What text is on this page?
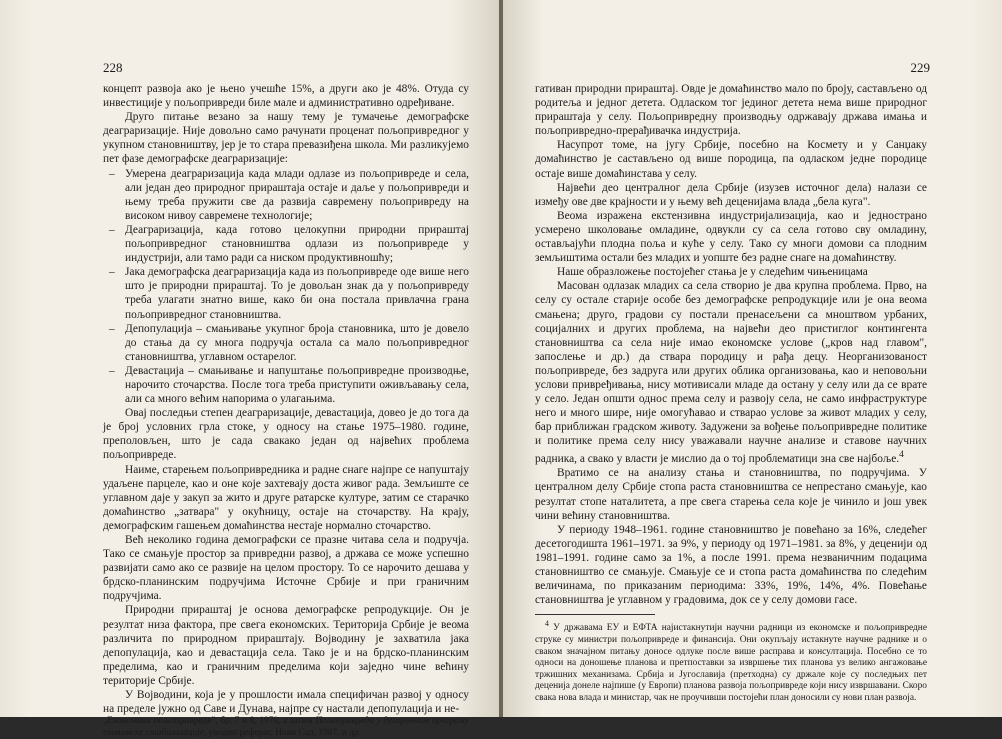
228

концепт развоја ако је њено учешће 15%, а други ако је 48%. Отуда су инвестиције у пољопривреди биле мале и административно одређиване.

Друго питање везано за нашу тему је тумачење демографске деаграризације. Није довољно само рачунати проценат пољопривредног у укупном становништву, јер је то стара превазиђена школа. Ми разликујемо пет фазе демографске деаграризације:

– Умерена деаграризација када млади одлазе из пољопривреде и села, али један део природног прираштаја остаје и даље у пољопривреди и њему треба пружити све да развија савремену пољопривреду на високом нивоу савремене технологије;
– Деаграризација, када готово целокупни природни прираштај пољопривредног становништва одлази из пољопривреде у индустрији, али тамо ради са ниском продуктивношћу;
– Јака демографска деаграризација када из пољопривреде оде више него што је природни прираштај. То је довољан знак да у пољопривреду треба улагати знатно више, како би она постала привлачна грана пољопривредног становништва.
– Депопулација – смањивање укупног броја становника, што је довело до стања да су многа подручја остала са мало пољопривредног становништва, углавном остарелог.
– Девастација – смањивање и напуштање пољопривредне производње, нарочито сточарства. После тога треба приступити оживљавању села, али са много већим напорима о улагањима.

Овај последњи степен деаграризације, девастација, довео је до тога да је број условних грла стоке, у односу на стање 1975–1980. године, преполовљен, што је сада свакако један од највећих проблема пољопривреде.

Наиме, старењем пољопривредника и радне снаге најпре се напуштају удаљене парцеле, као и оне које захтевају доста живог рада. Земљиште се углавном даје у закуп за жито и друге ратарске културе, затим се старачко домаћинство „затвара" у окућницу, остаје на сточарству. На крају, демографским гашењем домаћинства нестаје нормално сточарство.

Већ неколико година демографски се празне читава села и подручја. Тако се смањује простор за привредни развој, а држава се може успешно развијати само ако се развије на целом простору. То се нарочито дешава у брдско-планинским подручјима Источне Србије и при граничним подручјима.

Природни прираштај је основа демографске репродукције. Он је резултат низа фактора, пре свега економских. Територија Србије је веома различита по природном прираштају. Војводину је захватила јака депопулација, као и девастација села. Тако је и на брдско-планинским пределима, као и граничним пределима који заједно чине већину територије Србије.

У Војводини, која је у прошлости имала специфичан развој у односу на пределе јужно од Саве и Дунава, најпре су настали депопулација и не-

„Економика пољопривреде", бр. 7 и 8, 1970, а затим Пољопривреда у дугорочном програму економске стабилизације, уводни реферат, Нови Сад, 1987. и др.

229

гативан природни прираштај. Овде је домаћинство мало по броју, састављено од родитеља и једног детета. Одласком тог јединог детета нема више природног прираштаја у селу. Пољопривредну производњу одржавају држава имања и пољопривредно-прерађивачка индустрија.

Насупрот томе, на југу Србије, посебно на Космету и у Санџаку домаћинство је састављено од више породица, па одласком једне породице остаје више домаћинстава у селу.

Највећи део централног дела Србије (изузев источног дела) налази се између ове две крајности и у њему већ деценијама влада „бела куга".

Веома изражена екстензивна индустријализација, као и једнострано усмерено школовање омладине, одвукли су са села готово сву омладину, остављајући плодна поља и куће у селу. Тако су многи домови са плодним земљиштима остали без младих и уопште без радне снаге на домаћинству.

Наше образложење постојећег стања је у следећим чињеницама

Масован одлазак младих са села створио је два крупна проблема. Прво, на селу су остале старије особе без демографске репродукције или је она веома смањена; друго, градови су постали пренасељени са мноштвом урбаних, социјалних и других проблема, на највећи део пристиглог контингента становништва са села није имао економске услове („кров над главом", запослење и др.) да ствара породицу и рађа децу. Неорганизованост пољопривреде, без задруга или других облика организовања, као и неповољни услови привређивања, нису мотивисали младе да остану у селу или да се врате у село. Један општи однос према селу и развоју села, не само инфраструктуре него и много шире, није омогућавао и стварао услове за живот младих у селу, бар приближан градском животу. Задужени за вођење пољопривредне политике и политике према селу нису уважавали научне анализе и ставове научних радника, а свако у власти је мислио да о тој проблематици зна све најбоље.$^4$

Вратимо се на анализу стања и становништва, по подручјима. У централном делу Србије стопа раста становништва се непрестано смањује, као резултат стопе наталитета, а пре свега старења села које је чинило и још увек чини већину становништва.

У периоду 1948–1961. године становништво је повећано за 16%, следећег десетогодишта 1961–1971. за 9%, у периоду од 1971–1981. за 8%, у деценији од 1981–1991. године само за 1%, а после 1991. према незваничним подацима становништво се смањује. Смањује се и стопа раста домаћинства по следећим величинама, по приказаним периодима: 33%, 19%, 14%, 4%. Повећање становништва је углавном у градовима, док се у селу домови гасе.

$^4$ У државама ЕУ и ЕФТА најистакнутији научни радници из економске и пољопривредне струке су министри пољопривреде и финансија. Они окупљају истакнуте научне раднике и о сваком значајном питању доносе одлуке после више расправа и консултација. Посебно се то односи на доношење планова и претпоставки за извршење тих планова уз велико ангажовање тржишних механизама. Србија и Југославија (претходна) су држале које су последњих пет деценија донеле најпише (у Европи) планова развоја пољопривреде који нису извршавани. Скоро свака нова влада и министар, чак не проучивши постојећи план доносили су нови план развоја.
